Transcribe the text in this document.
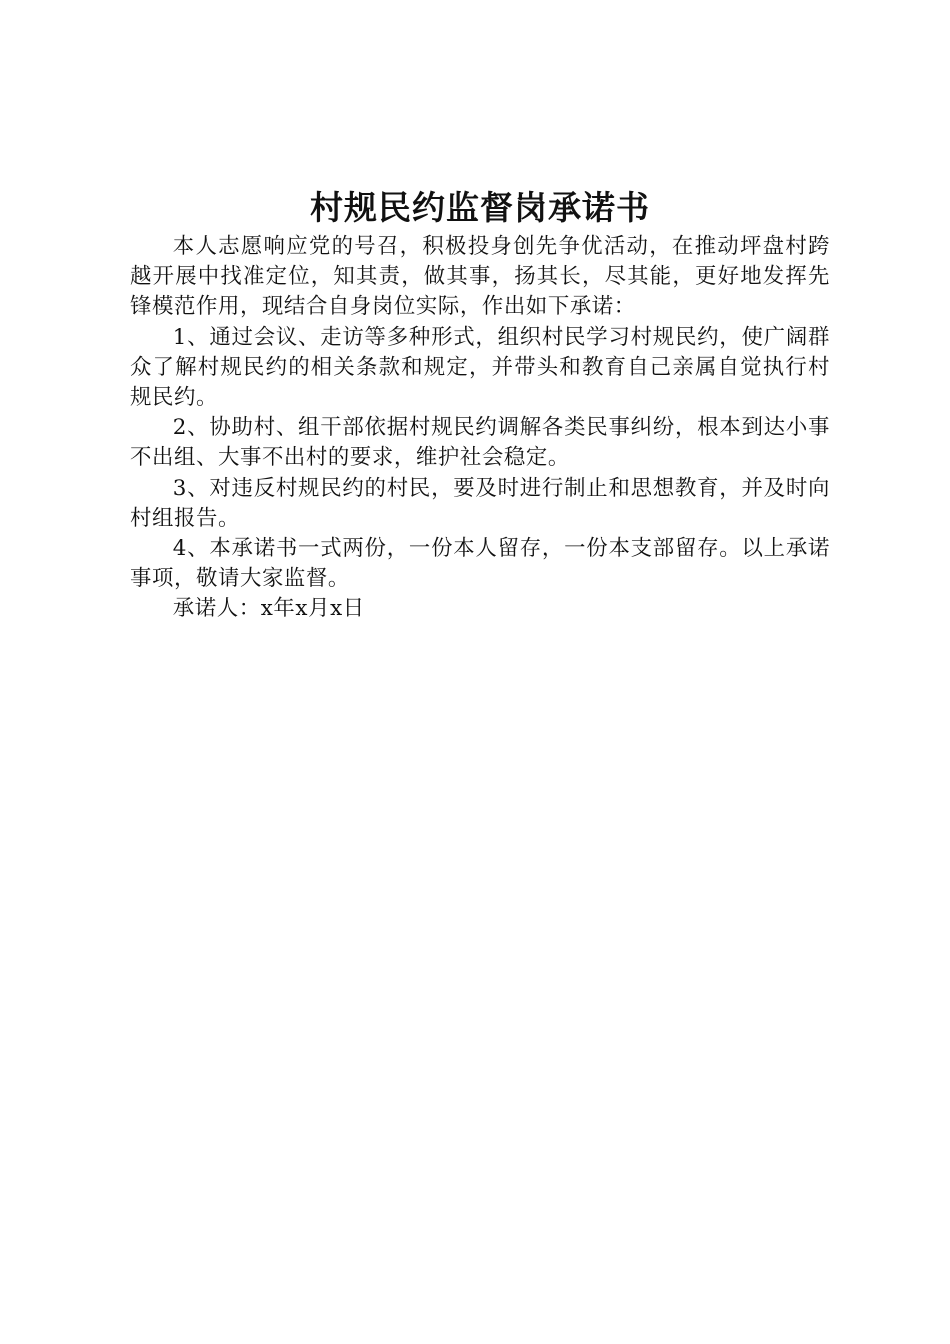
村规民约监督岗承诺书

本人志愿响应党的号召，积极投身创先争优活动，在推动坪盘村跨越开展中找准定位，知其责，做其事，扬其长，尽其能，更好地发挥先锋模范作用，现结合自身岗位实际，作出如下承诺：

1、通过会议、走访等多种形式，组织村民学习村规民约，使广阔群众了解村规民约的相关条款和规定，并带头和教育自己亲属自觉执行村规民约。

2、协助村、组干部依据村规民约调解各类民事纠纷，根本到达小事不出组、大事不出村的要求，维护社会稳定。

3、对违反村规民约的村民，要及时进行制止和思想教育，并及时向村组报告。

4、本承诺书一式两份，一份本人留存，一份本支部留存。以上承诺事项，敬请大家监督。

承诺人：x年x月x日
